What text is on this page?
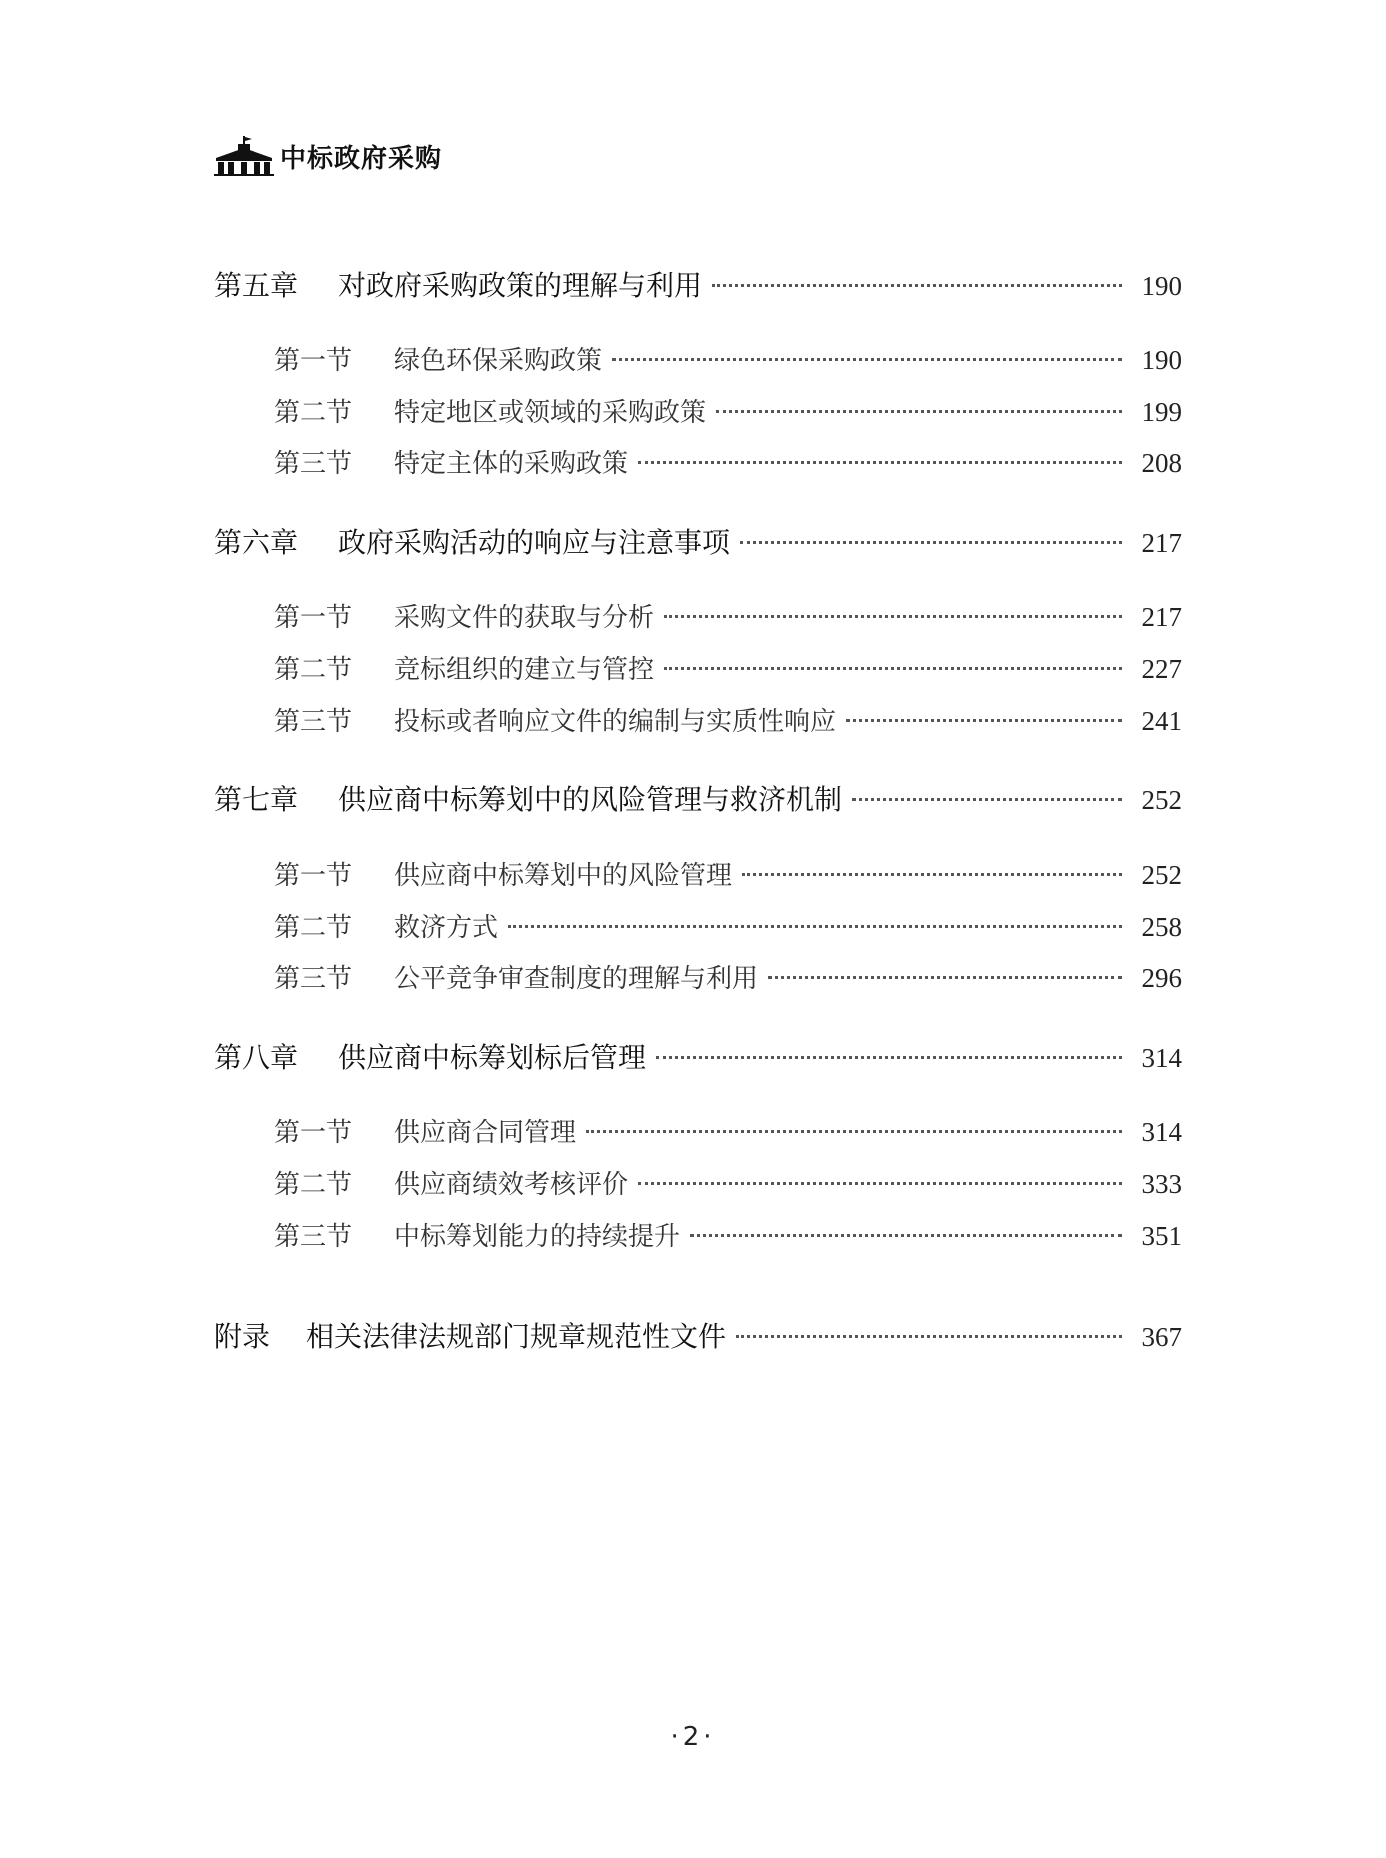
中标政府采购
第五章	对政府采购政策的理解与利用	190
第一节	绿色环保采购政策	190
第二节	特定地区或领域的采购政策	199
第三节	特定主体的采购政策	208
第六章	政府采购活动的响应与注意事项	217
第一节	采购文件的获取与分析	217
第二节	竞标组织的建立与管控	227
第三节	投标或者响应文件的编制与实质性响应	241
第七章	供应商中标筹划中的风险管理与救济机制	252
第一节	供应商中标筹划中的风险管理	252
第二节	救济方式	258
第三节	公平竞争审查制度的理解与利用	296
第八章	供应商中标筹划标后管理	314
第一节	供应商合同管理	314
第二节	供应商绩效考核评价	333
第三节	中标筹划能力的持续提升	351
附录	相关法律法规部门规章规范性文件	367
·2·
